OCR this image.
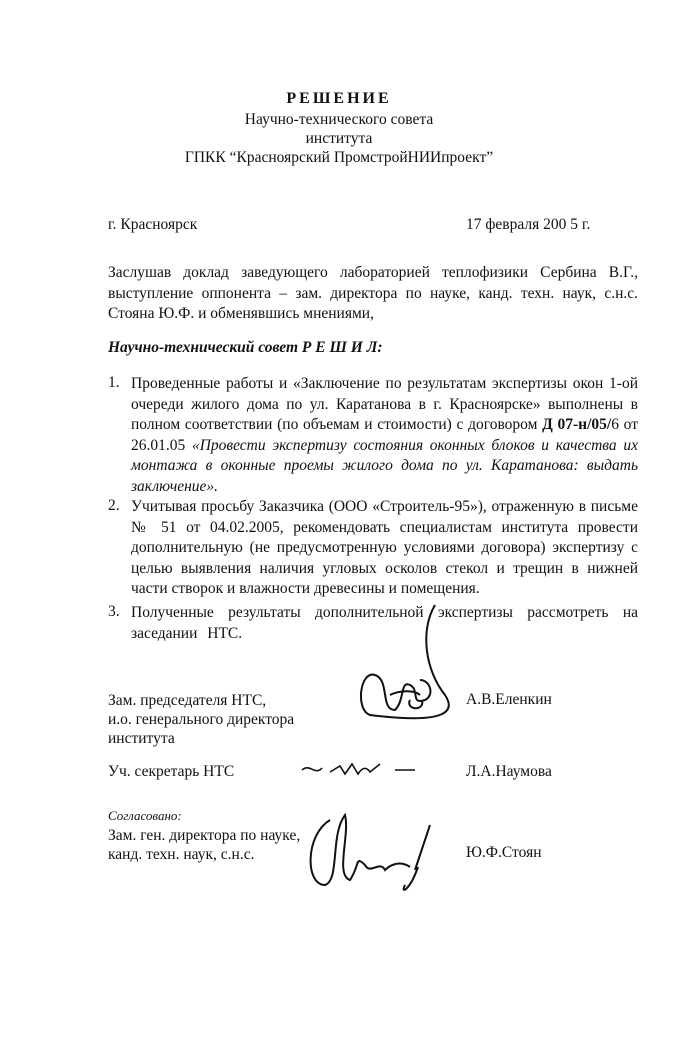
РЕШЕНИЕ
Научно-технического совета
института
ГПКК “Красноярский ПромстройНИИпроект”
г. Красноярск	17 февраля 200 5 г.
Заслушав доклад заведующего лабораторией теплофизики Сербина В.Г., выступление оппонента – зам. директора по науке, канд. техн. наук, с.н.с. Стояна Ю.Ф. и обменявшись мнениями,
Научно-технический совет Р Е Ш И Л:
1. Проведенные работы и «Заключение по результатам экспертизы окон 1-ой очереди жилого дома по ул. Каратанова в г. Красноярске» выполнены в полном соответствии (по объемам и стоимости) с договором Д 07-н/05/6 от 26.01.05 «Провести экспертизу состояния оконных блоков и качества их монтажа в оконные проемы жилого дома по ул. Каратанова: выдать заключение».
2. Учитывая просьбу Заказчика (ООО «Строитель-95»), отраженную в письме № 51 от 04.02.2005, рекомендовать специалистам института провести дополнительную (не предусмотренную условиями договора) экспертизу с целью выявления наличия угловых осколов стекол и трещин в нижней части створок и влажности древесины и помещения.
3. Полученные результаты дополнительной экспертизы рассмотреть на заседании НТС.
Зам. председателя НТС,
и.о. генерального директора
института
А.В.Еленкин
Уч. секретарь НТС	Л.А.Наумова
Согласовано:
Зам. ген. директора по науке,
канд. техн. наук, с.н.с.	Ю.Ф.Стоян
